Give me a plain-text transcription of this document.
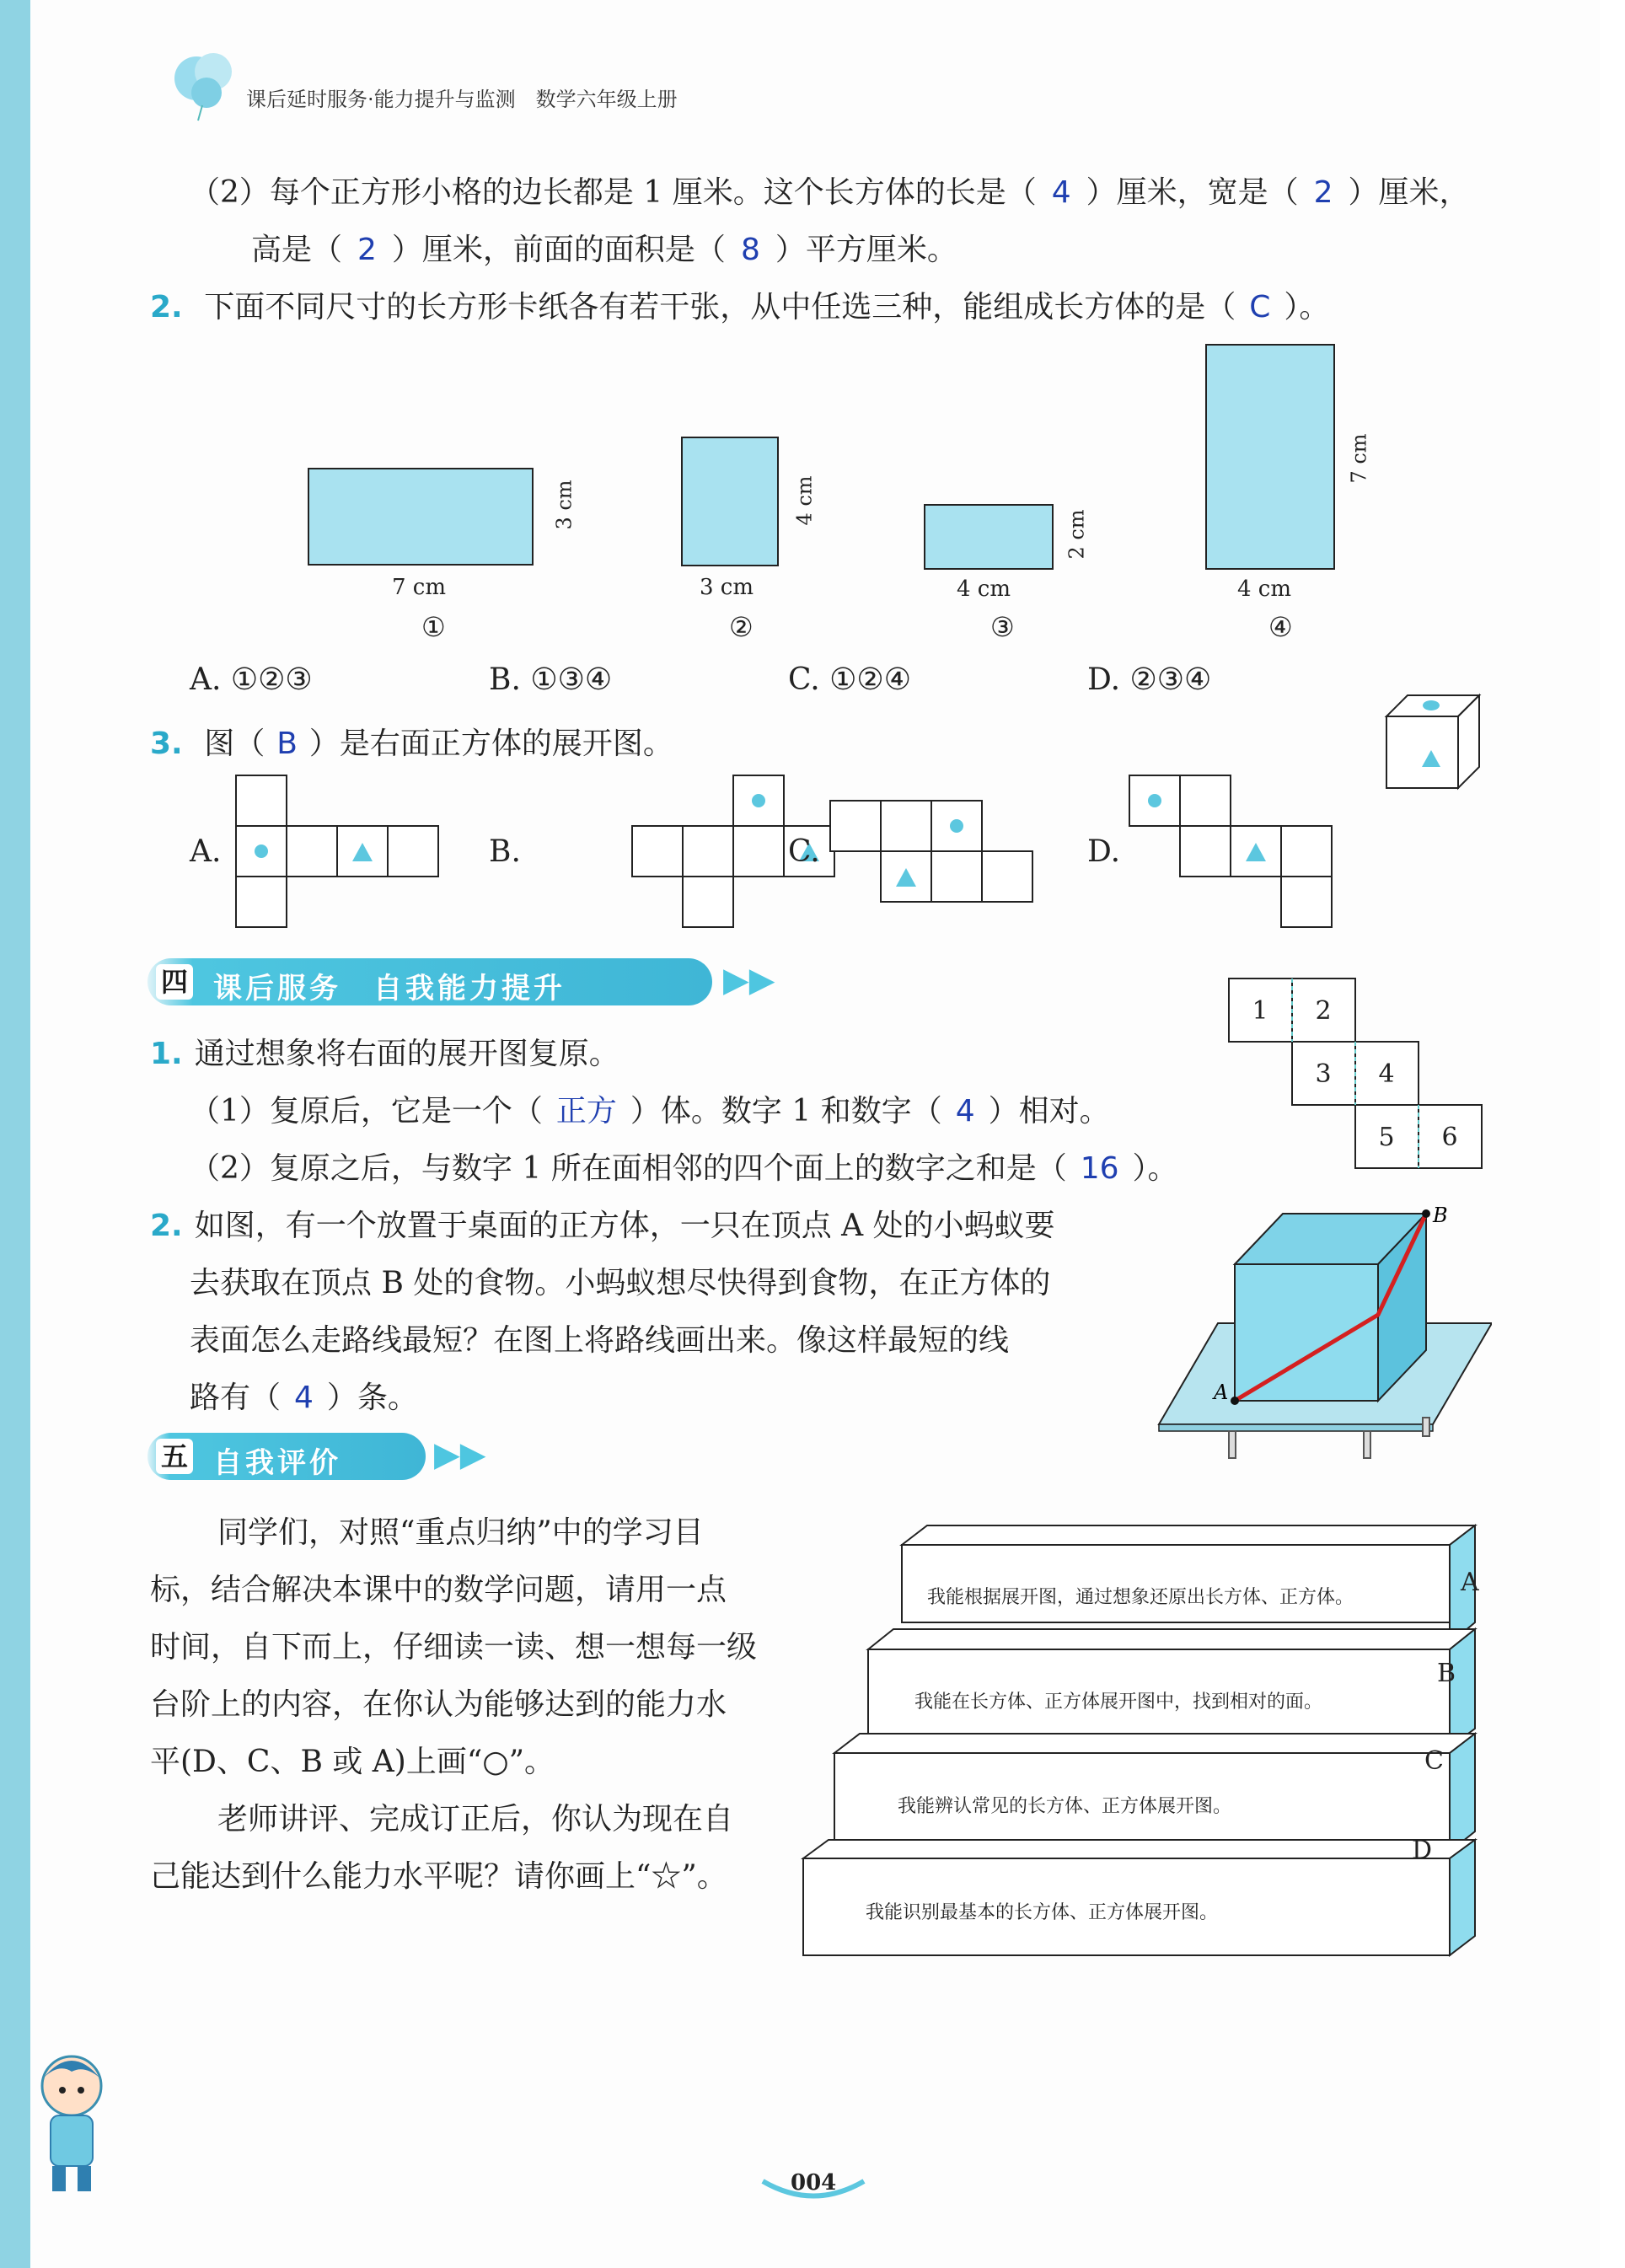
课后延时服务·能力提升与监测　数学六年级上册
（2）每个正方形小格的边长都是 1 厘米。这个长方体的长是（ 4 ）厘米，宽是（ 2 ）厘米，
高是（ 2 ）厘米，前面的面积是（ 8 ）平方厘米。
2. 下面不同尺寸的长方形卡纸各有若干张，从中任选三种，能组成长方体的是（ C ）。
3 cm
7 cm
①
4 cm
3 cm
②
2 cm
4 cm
③
7 cm
4 cm
④
A. ①②③	B. ①③④	C. ①②④	D. ②③④
3. 图（ B ）是右面正方体的展开图。
A.	B.	C.	D.
四 课后服务　自我能力提升	▶▶
1. 通过想象将右面的展开图复原。
（1）复原后，它是一个（ 正方 ）体。数字 1 和数字（ 4 ）相对。
（2）复原之后，与数字 1 所在面相邻的四个面上的数字之和是（ 16 ）。
1 2
3 4
5 6
2. 如图，有一个放置于桌面的正方体，一只在顶点 A 处的小蚂蚁要
去获取在顶点 B 处的食物。小蚂蚁想尽快得到食物，在正方体的
表面怎么走路线最短？在图上将路线画出来。像这样最短的线
路有（ 4 ）条。	A
B
五 自我评价	▶▶
同学们，对照“重点归纳”中的学习目
标，结合解决本课中的数学问题，请用一点
时间，自下而上，仔细读一读、想一想每一级
台阶上的内容，在你认为能够达到的能力水
平(D、C、B 或 A)上画“○”。
老师讲评、完成订正后，你认为现在自
己能达到什么能力水平呢？请你画上“☆”。
我能根据展开图，通过想象还原出长方体、正方体。
A
我能在长方体、正方体展开图中，找到相对的面。
B
我能辨认常见的长方体、正方体展开图。
C
我能识别最基本的长方体、正方体展开图。
D
004
